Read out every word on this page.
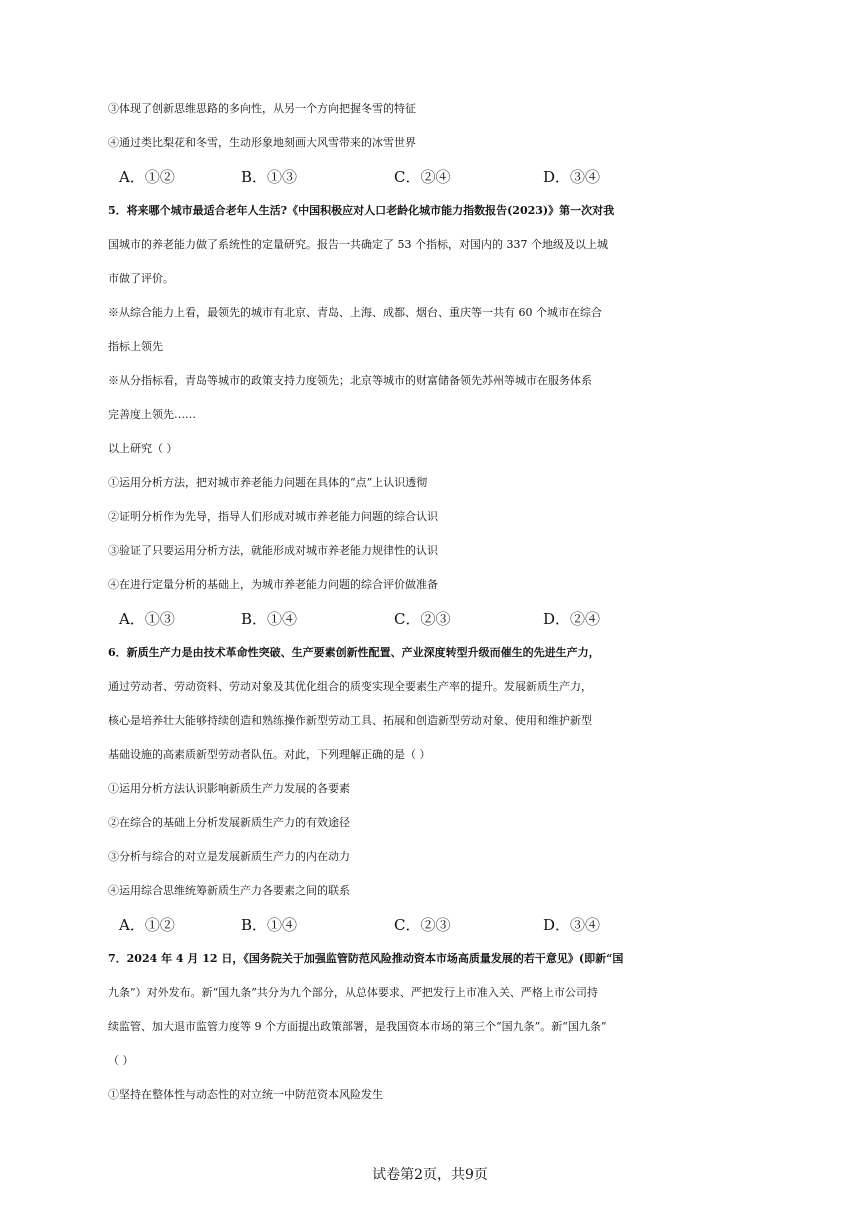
③体现了创新思维思路的多向性，从另一个方向把握冬雪的特征
④通过类比梨花和冬雪，生动形象地刻画大风雪带来的冰雪世界
A．①②	B．①③	C．②④	D．③④
5．将来哪个城市最适合老年人生活?《中国积极应对人口老龄化城市能力指数报告(2023)》第一次对我
国城市的养老能力做了系统性的定量研究。报告一共确定了 53 个指标，对国内的 337 个地级及以上城
市做了评价。
※从综合能力上看，最领先的城市有北京、青岛、上海、成都、烟台、重庆等一共有 60 个城市在综合
指标上领先
※从分指标看，青岛等城市的政策支持力度领先；北京等城市的财富储备领先苏州等城市在服务体系
完善度上领先……
以上研究（ ）
①运用分析方法，把对城市养老能力问题在具体的“点”上认识透彻
②证明分析作为先导，指导人们形成对城市养老能力问题的综合认识
③验证了只要运用分析方法，就能形成对城市养老能力规律性的认识
④在进行定量分析的基础上，为城市养老能力问题的综合评价做准备
A．①③	B．①④	C．②③	D．②④
6．新质生产力是由技术革命性突破、生产要素创新性配置、产业深度转型升级而催生的先进生产力，
通过劳动者、劳动资料、劳动对象及其优化组合的质变实现全要素生产率的提升。发展新质生产力，
核心是培养壮大能够持续创造和熟练操作新型劳动工具、拓展和创造新型劳动对象、使用和维护新型
基础设施的高素质新型劳动者队伍。对此，下列理解正确的是（ ）
①运用分析方法认识影响新质生产力发展的各要素
②在综合的基础上分析发展新质生产力的有效途径
③分析与综合的对立是发展新质生产力的内在动力
④运用综合思维统筹新质生产力各要素之间的联系
A．①②	B．①④	C．②③	D．③④
7．2024 年 4 月 12 日，《国务院关于加强监管防范风险推动资本市场高质量发展的若干意见》(即新“国
九条”）对外发布。新“国九条”共分为九个部分，从总体要求、严把发行上市准入关、严格上市公司持
续监管、加大退市监管力度等 9 个方面提出政策部署，是我国资本市场的第三个“国九条”。新“国九条”
（ ）
①坚持在整体性与动态性的对立统一中防范资本风险发生
试卷第2页，共9页
